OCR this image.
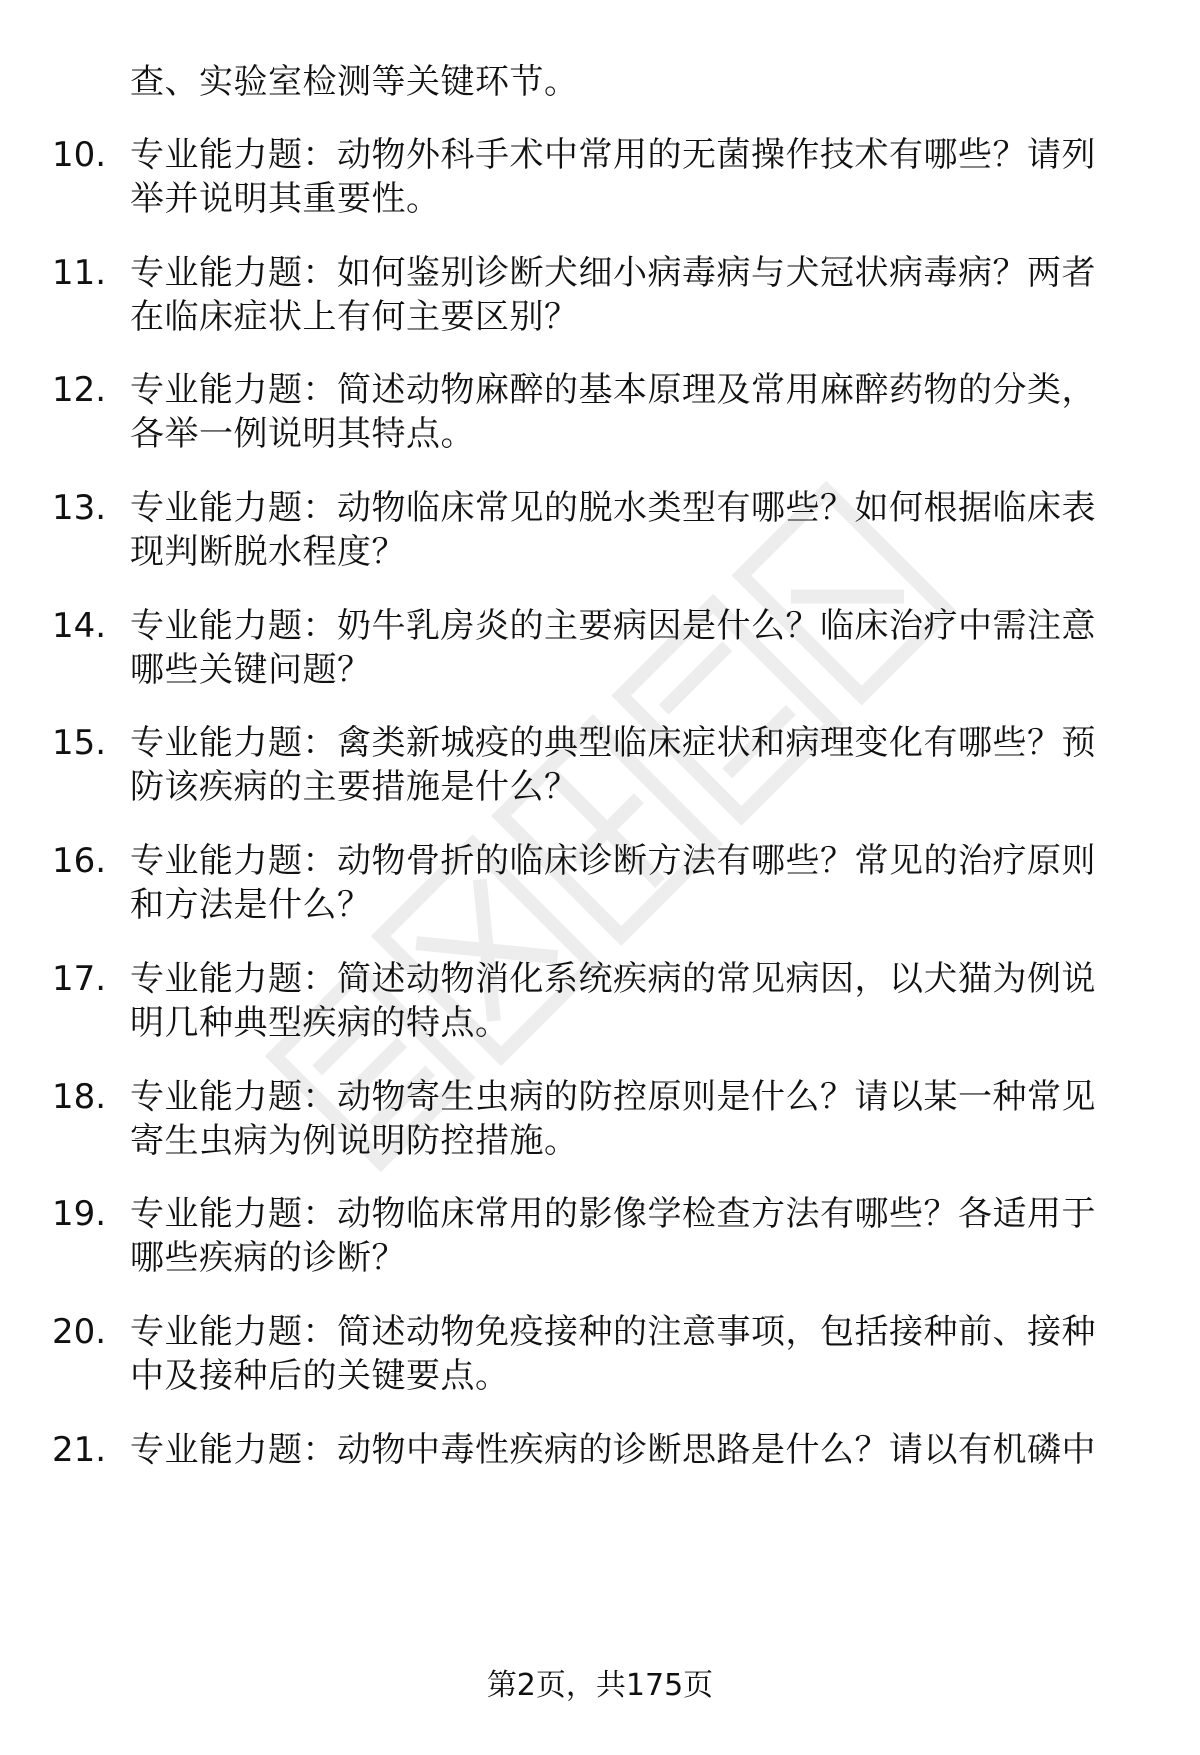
查、实验室检测等关键环节。
10. 专业能力题：动物外科手术中常用的无菌操作技术有哪些？请列
举并说明其重要性。
11. 专业能力题：如何鉴别诊断犬细小病毒病与犬冠状病毒病？两者
在临床症状上有何主要区别？
12. 专业能力题：简述动物麻醉的基本原理及常用麻醉药物的分类，
各举一例说明其特点。
13. 专业能力题：动物临床常见的脱水类型有哪些？如何根据临床表
现判断脱水程度？
14. 专业能力题：奶牛乳房炎的主要病因是什么？临床治疗中需注意
哪些关键问题？
15. 专业能力题：禽类新城疫的典型临床症状和病理变化有哪些？预
防该疾病的主要措施是什么？
16. 专业能力题：动物骨折的临床诊断方法有哪些？常见的治疗原则
和方法是什么？
17. 专业能力题：简述动物消化系统疾病的常见病因，以犬猫为例说
明几种典型疾病的特点。
18. 专业能力题：动物寄生虫病的防控原则是什么？请以某一种常见
寄生虫病为例说明防控措施。
19. 专业能力题：动物临床常用的影像学检查方法有哪些？各适用于
哪些疾病的诊断？
20. 专业能力题：简述动物免疫接种的注意事项，包括接种前、接种
中及接种后的关键要点。
21. 专业能力题：动物中毒性疾病的诊断思路是什么？请以有机磷中
第2页，共175页
